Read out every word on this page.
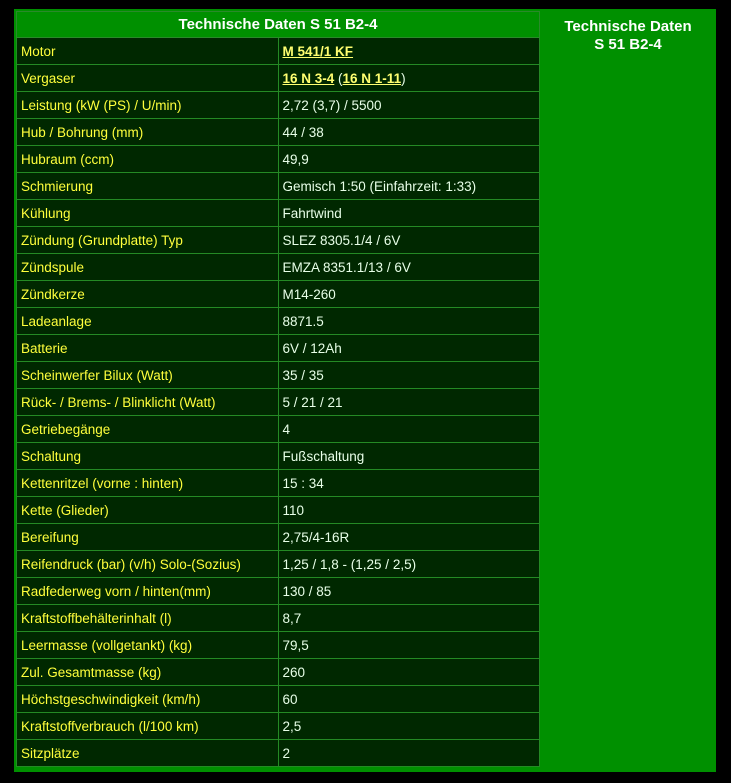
Technische Daten S 51 B2-4	
Motor	M 541/1 KF
Vergaser	16 N 3-4 (16 N 1-11)
Leistung (kW (PS) / U/min)	2,72 (3,7) / 5500
Hub / Bohrung (mm)	44 / 38
Hubraum (ccm)	49,9
Schmierung	Gemisch 1:50 (Einfahrzeit: 1:33)
Kühlung	Fahrtwind
Zündung (Grundplatte) Typ	SLEZ 8305.1/4 / 6V
Zündspule	EMZA 8351.1/13 / 6V
Zündkerze	M14-260
Ladeanlage	8871.5
Batterie	6V / 12Ah
Scheinwerfer Bilux (Watt)	35 / 35
Rück- / Brems- / Blinklicht (Watt)	5 / 21 / 21
Getriebegänge	4
Schaltung	Fußschaltung
Kettenritzel (vorne : hinten)	15 : 34
Kette (Glieder)	110
Bereifung	2,75/4-16R
Reifendruck (bar) (v/h) Solo-(Sozius)	1,25 / 1,8 - (1,25 / 2,5)
Radfederweg vorn / hinten(mm)	130 / 85
Kraftstoffbehälterinhalt (l)	8,7
Leermasse (vollgetankt) (kg)	79,5
Zul. Gesamtmasse (kg)	260
Höchstgeschwindigkeit (km/h)	60
Kraftstoffverbrauch (l/100 km)	2,5
Sitzplätze	2
Technische Daten
S 51 B2-4
